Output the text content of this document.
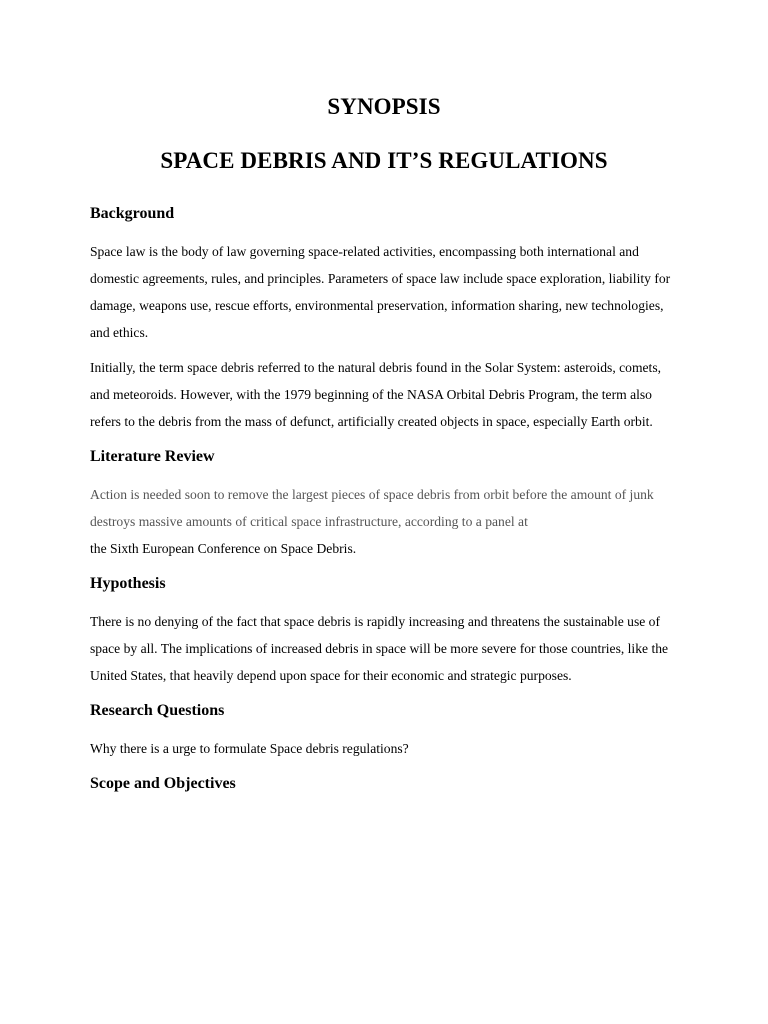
SYNOPSIS
SPACE DEBRIS AND IT’S REGULATIONS
Background

Space law is the body of law governing space-related activities, encompassing both international and domestic agreements, rules, and principles. Parameters of space law include space exploration, liability for damage, weapons use, rescue efforts, environmental preservation, information sharing, new technologies, and ethics.

Initially, the term space debris referred to the natural debris found in the Solar System: asteroids, comets, and meteoroids. However, with the 1979 beginning of the NASA Orbital Debris Program, the term also refers to the debris from the mass of defunct, artificially created objects in space, especially Earth orbit.

Literature Review

Action is needed soon to remove the largest pieces of space debris from orbit before the amount of junk destroys massive amounts of critical space infrastructure, according to a panel at
the Sixth European Conference on Space Debris.

Hypothesis

There is no denying of the fact that space debris is rapidly increasing and threatens the sustainable use of space by all. The implications of increased debris in space will be more severe for those countries, like the United States, that heavily depend upon space for their economic and strategic purposes.

Research Questions

Why there is a urge to formulate Space debris regulations?

Scope and Objectives
